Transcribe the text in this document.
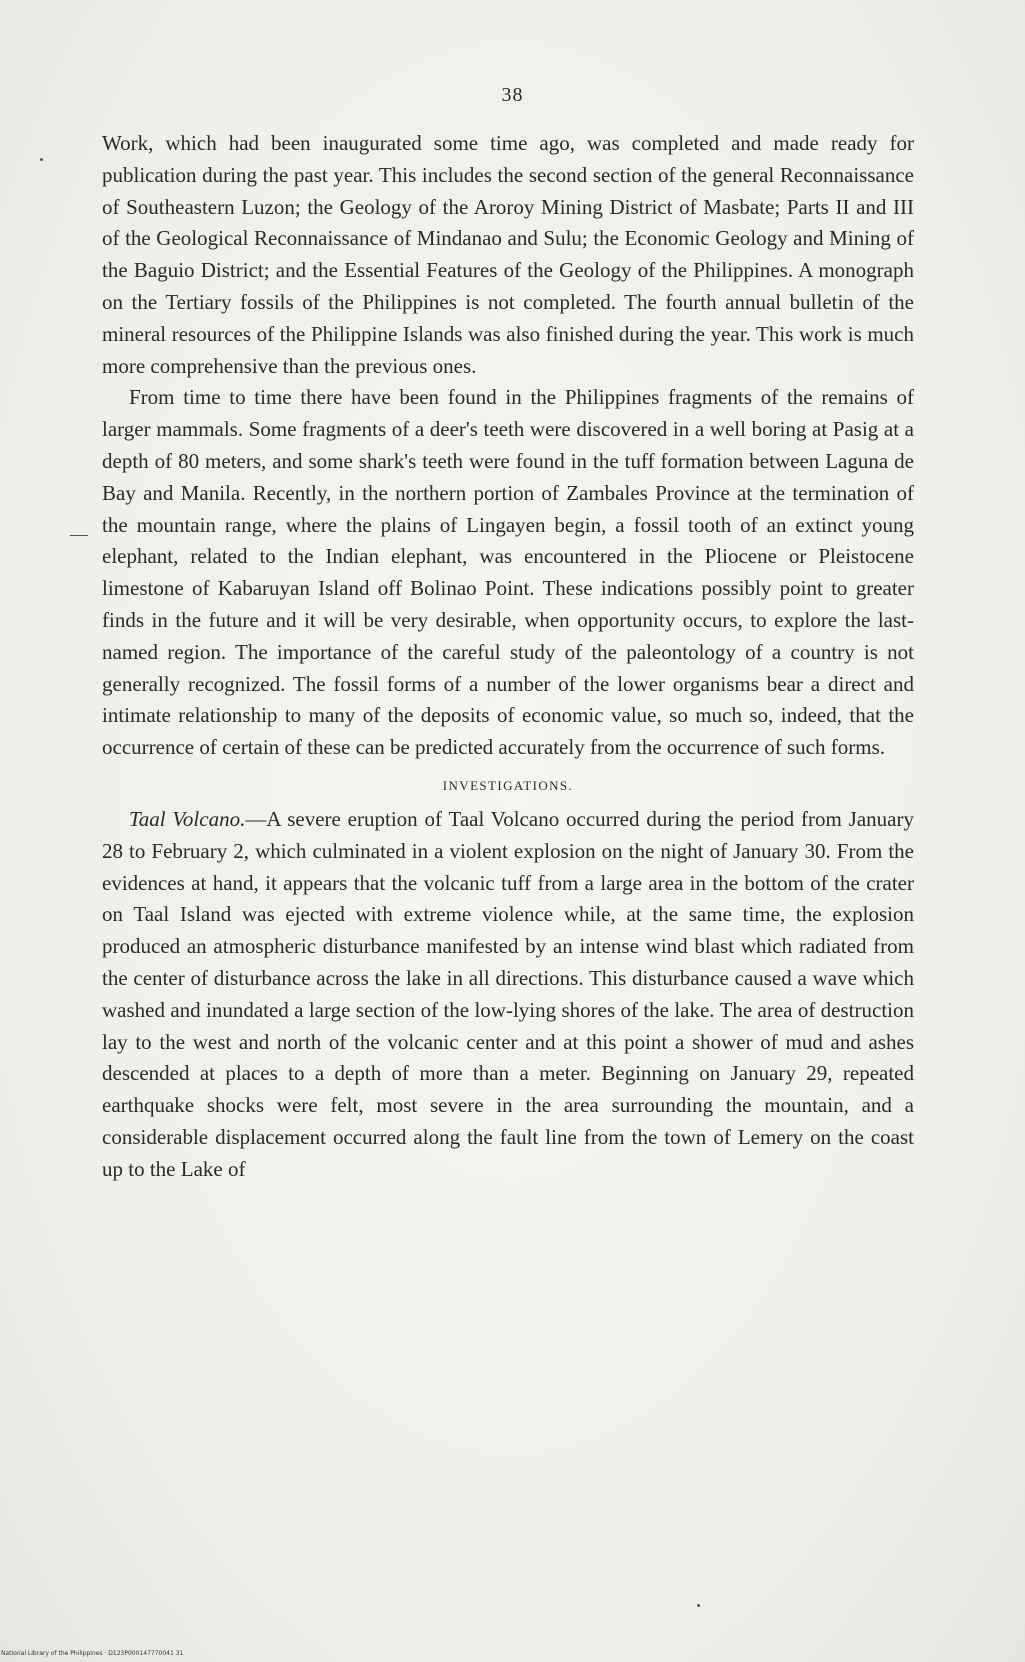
38
—

Work, which had been inaugurated some time ago, was completed and made ready for publication during the past year. This includes the second section of the general Reconnaissance of Southeastern Luzon; the Geology of the Aroroy Mining District of Masbate; Parts II and III of the Geological Reconnaissance of Mindanao and Sulu; the Economic Geology and Mining of the Baguio District; and the Essential Features of the Geology of the Philippines. A monograph on the Tertiary fossils of the Philippines is not completed. The fourth annual bulletin of the mineral resources of the Philippine Islands was also finished during the year. This work is much more comprehensive than the previous ones.

From time to time there have been found in the Philippines fragments of the remains of larger mammals. Some fragments of a deer's teeth were discovered in a well boring at Pasig at a depth of 80 meters, and some shark's teeth were found in the tuff formation between Laguna de Bay and Manila. Recently, in the northern portion of Zambales Province at the termination of the mountain range, where the plains of Lingayen begin, a fossil tooth of an extinct young elephant, related to the Indian elephant, was encountered in the Pliocene or Pleistocene limestone of Kabaruyan Island off Bolinao Point. These indications possibly point to greater finds in the future and it will be very desirable, when opportunity occurs, to explore the last-named region. The importance of the careful study of the paleontology of a country is not generally recognized. The fossil forms of a number of the lower organisms bear a direct and intimate relationship to many of the deposits of economic value, so much so, indeed, that the occurrence of certain of these can be predicted accurately from the occurrence of such forms.

INVESTIGATIONS.

Taal Volcano.—A severe eruption of Taal Volcano occurred during the period from January 28 to February 2, which culminated in a violent explosion on the night of January 30. From the evidences at hand, it appears that the volcanic tuff from a large area in the bottom of the crater on Taal Island was ejected with extreme violence while, at the same time, the explosion produced an atmospheric disturbance manifested by an intense wind blast which radiated from the center of disturbance across the lake in all directions. This disturbance caused a wave which washed and inundated a large section of the low-lying shores of the lake. The area of destruction lay to the west and north of the volcanic center and at this point a shower of mud and ashes descended at places to a depth of more than a meter. Beginning on January 29, repeated earthquake shocks were felt, most severe in the area surrounding the mountain, and a considerable displacement occurred along the fault line from the town of Lemery on the coast up to the Lake of

National Library of the Philippines · D123P000147770041 31
